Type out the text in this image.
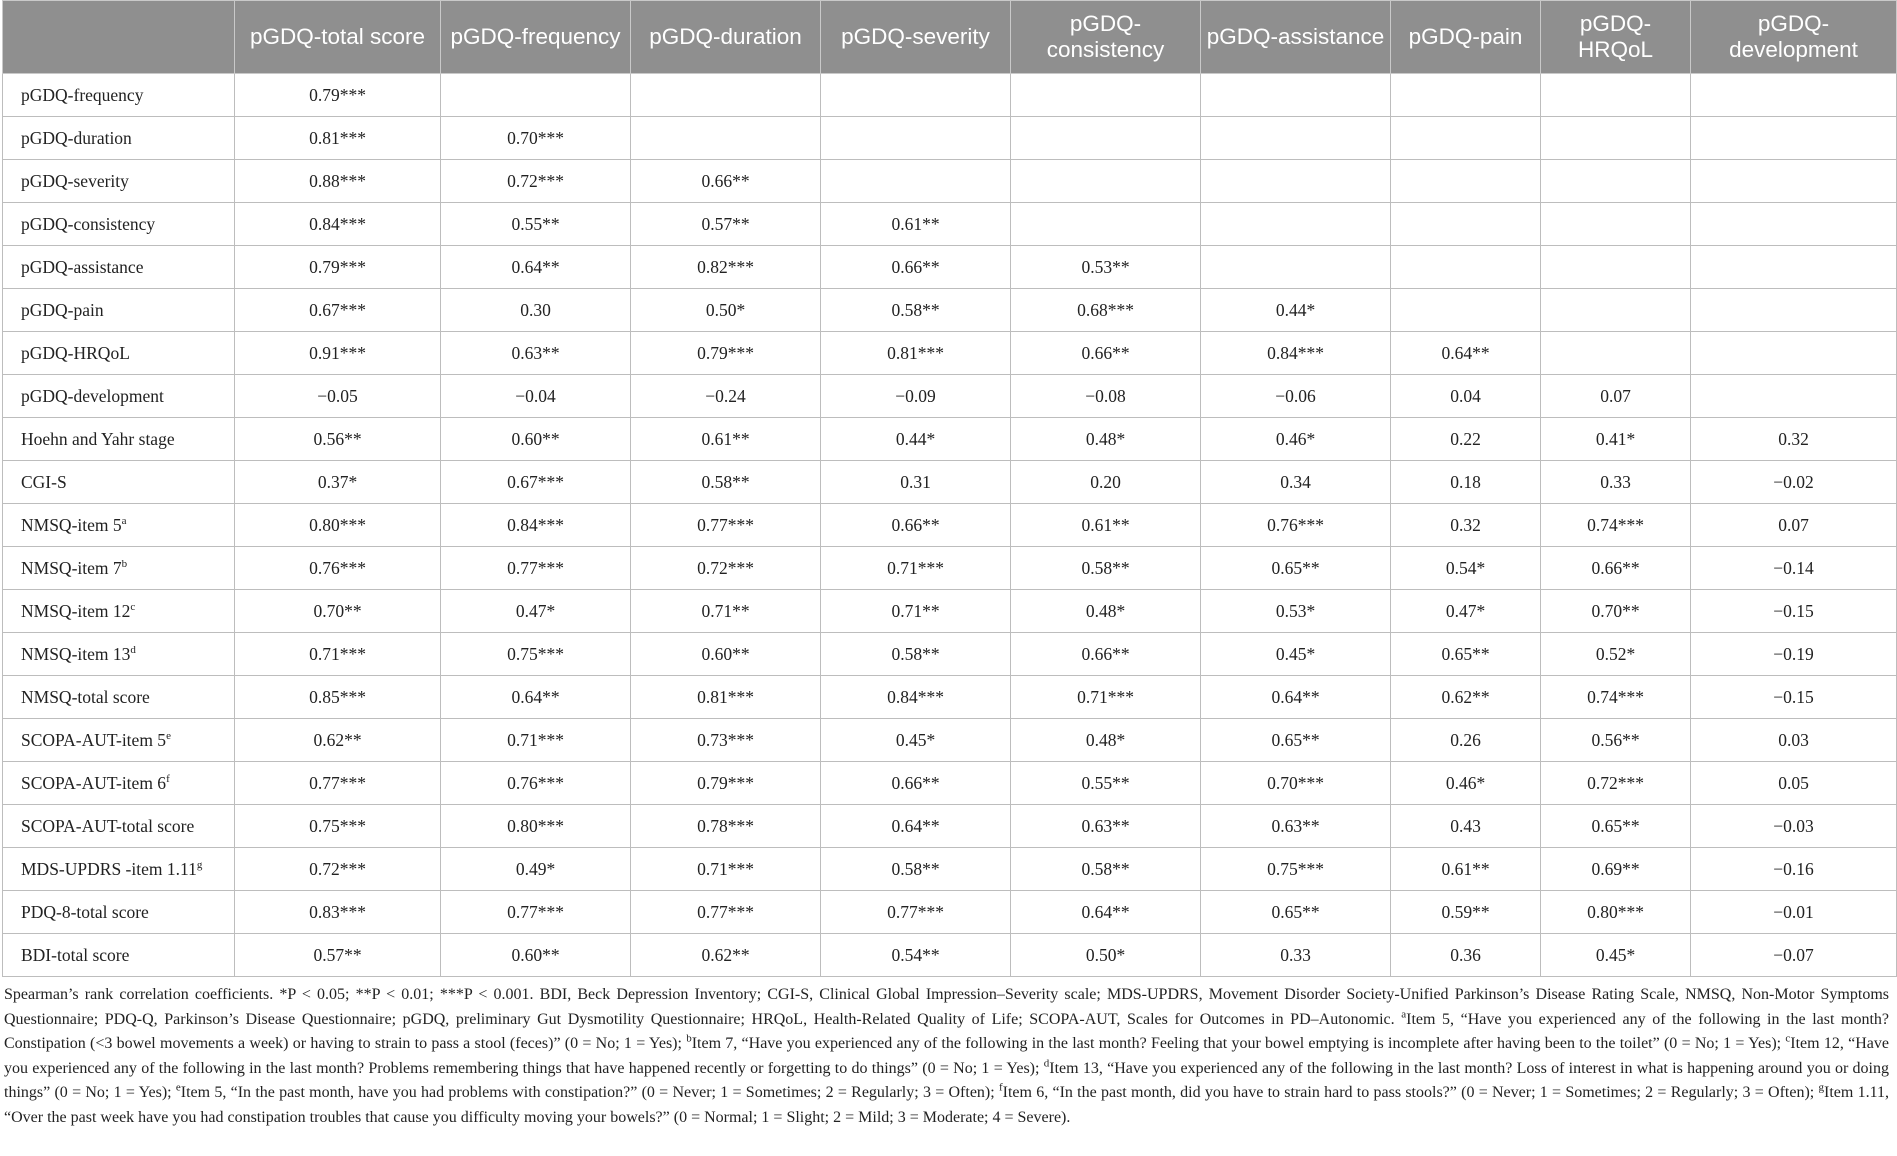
	pGDQ-total score	pGDQ-frequency	pGDQ-duration	pGDQ-severity	pGDQ-consistency	pGDQ-assistance	pGDQ-pain	pGDQ-HRQoL	pGDQ-development
pGDQ-frequency	0.79***								
pGDQ-duration	0.81***	0.70***							
pGDQ-severity	0.88***	0.72***	0.66**						
pGDQ-consistency	0.84***	0.55**	0.57**	0.61**					
pGDQ-assistance	0.79***	0.64**	0.82***	0.66**	0.53**				
pGDQ-pain	0.67***	0.30	0.50*	0.58**	0.68***	0.44*			
pGDQ-HRQoL	0.91***	0.63**	0.79***	0.81***	0.66**	0.84***	0.64**		
pGDQ-development	−0.05	−0.04	−0.24	−0.09	−0.08	−0.06	0.04	0.07	
Hoehn and Yahr stage	0.56**	0.60**	0.61**	0.44*	0.48*	0.46*	0.22	0.41*	0.32
CGI-S	0.37*	0.67***	0.58**	0.31	0.20	0.34	0.18	0.33	−0.02
NMSQ-item 5$^a$	0.80***	0.84***	0.77***	0.66**	0.61**	0.76***	0.32	0.74***	0.07
NMSQ-item 7$^b$	0.76***	0.77***	0.72***	0.71***	0.58**	0.65**	0.54*	0.66**	−0.14
NMSQ-item 12$^c$	0.70**	0.47*	0.71**	0.71**	0.48*	0.53*	0.47*	0.70**	−0.15
NMSQ-item 13$^d$	0.71***	0.75***	0.60**	0.58**	0.66**	0.45*	0.65**	0.52*	−0.19
NMSQ-total score	0.85***	0.64**	0.81***	0.84***	0.71***	0.64**	0.62**	0.74***	−0.15
SCOPA-AUT-item 5e	0.62**	0.71***	0.73***	0.45*	0.48*	0.65**	0.26	0.56**	0.03
SCOPA-AUT-item 6$^f$	0.77***	0.76***	0.79***	0.66**	0.55**	0.70***	0.46*	0.72***	0.05
SCOPA-AUT-total score	0.75***	0.80***	0.78***	0.64**	0.63**	0.63**	0.43	0.65**	−0.03
MDS-UPDRS -item 1.11$^g$	0.72***	0.49*	0.71***	0.58**	0.58**	0.75***	0.61**	0.69**	−0.16
PDQ-8-total score	0.83***	0.77***	0.77***	0.77***	0.64**	0.65**	0.59**	0.80***	−0.01
BDI-total score	0.57**	0.60**	0.62**	0.54**	0.50*	0.33	0.36	0.45*	−0.07
Spearman’s rank correlation coefficients. *P < 0.05; **P < 0.01; ***P < 0.001. BDI, Beck Depression Inventory; CGI-S, Clinical Global Impression–Severity scale; MDS-UPDRS, Movement Disorder Society-Unified Parkinson’s Disease Rating Scale, NMSQ, Non-Motor Symptoms Questionnaire; PDQ-Q, Parkinson’s Disease Questionnaire; pGDQ, preliminary Gut Dysmotility Questionnaire; HRQoL, Health-Related Quality of Life; SCOPA-AUT, Scales for Outcomes in PD–Autonomic. $^a$Item 5, “Have you experienced any of the following in the last month? Constipation (<3 bowel movements a week) or having to strain to pass a stool (feces)” (0 = No; 1 = Yes); $^b$Item 7, “Have you experienced any of the following in the last month? Feeling that your bowel emptying is incomplete after having been to the toilet” (0 = No; 1 = Yes); $^c$Item 12, “Have you experienced any of the following in the last month? Problems remembering things that have happened recently or forgetting to do things” (0 = No; 1 = Yes); $^d$Item 13, “Have you experienced any of the following in the last month? Loss of interest in what is happening around you or doing things” (0 = No; 1 = Yes); $^e$Item 5, “In the past month, have you had problems with constipation?” (0 = Never; 1 = Sometimes; 2 = Regularly; 3 = Often); $^f$Item 6, “In the past month, did you have to strain hard to pass stools?” (0 = Never; 1 = Sometimes; 2 = Regularly; 3 = Often); $^g$Item 1.11, “Over the past week have you had constipation troubles that cause you difficulty moving your bowels?” (0 = Normal; 1 = Slight; 2 = Mild; 3 = Moderate; 4 = Severe).
